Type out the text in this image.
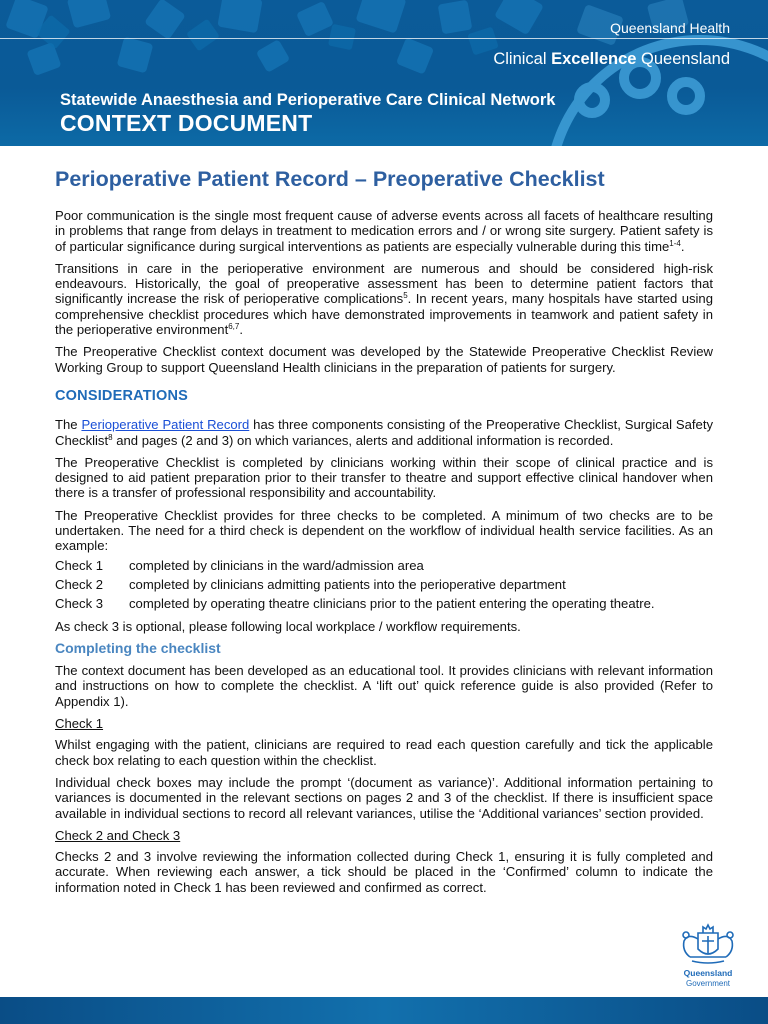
Queensland Health
Clinical Excellence Queensland
Statewide Anaesthesia and Perioperative Care Clinical Network
CONTEXT DOCUMENT
Perioperative Patient Record – Preoperative Checklist

Poor communication is the single most frequent cause of adverse events across all facets of healthcare resulting in problems that range from delays in treatment to medication errors and / or wrong site surgery. Patient safety is of particular significance during surgical interventions as patients are especially vulnerable during this time$^{1-4}$.

Transitions in care in the perioperative environment are numerous and should be considered high-risk endeavours. Historically, the goal of preoperative assessment has been to determine patient factors that significantly increase the risk of perioperative complications$^5$. In recent years, many hospitals have started using comprehensive checklist procedures which have demonstrated improvements in teamwork and patient safety in the perioperative environment$^{6,7}$.

The Preoperative Checklist context document was developed by the Statewide Preoperative Checklist Review Working Group to support Queensland Health clinicians in the preparation of patients for surgery.

CONSIDERATIONS

The Perioperative Patient Record has three components consisting of the Preoperative Checklist, Surgical Safety Checklist$^8$ and pages (2 and 3) on which variances, alerts and additional information is recorded.

The Preoperative Checklist is completed by clinicians working within their scope of clinical practice and is designed to aid patient preparation prior to their transfer to theatre and support effective clinical handover when there is a transfer of professional responsibility and accountability.

The Preoperative Checklist provides for three checks to be completed. A minimum of two checks are to be undertaken. The need for a third check is dependent on the workflow of individual health service facilities. As an example:

Check 1	completed by clinicians in the ward/admission area
Check 2	completed by clinicians admitting patients into the perioperative department
Check 3	completed by operating theatre clinicians prior to the patient entering the operating theatre.

As check 3 is optional, please following local workplace / workflow requirements.

Completing the checklist

The context document has been developed as an educational tool. It provides clinicians with relevant information and instructions on how to complete the checklist. A ‘lift out’ quick reference guide is also provided (Refer to Appendix 1).

Check 1

Whilst engaging with the patient, clinicians are required to read each question carefully and tick the applicable check box relating to each question within the checklist.

Individual check boxes may include the prompt ‘(document as variance)’. Additional information pertaining to variances is documented in the relevant sections on pages 2 and 3 of the checklist. If there is insufficient space available in individual sections to record all relevant variances, utilise the ‘Additional variances’ section provided.

Check 2 and Check 3

Checks 2 and 3 involve reviewing the information collected during Check 1, ensuring it is fully completed and accurate. When reviewing each answer, a tick should be placed in the ‘Confirmed’ column to indicate the information noted in Check 1 has been reviewed and confirmed as correct.

Queensland
Government
